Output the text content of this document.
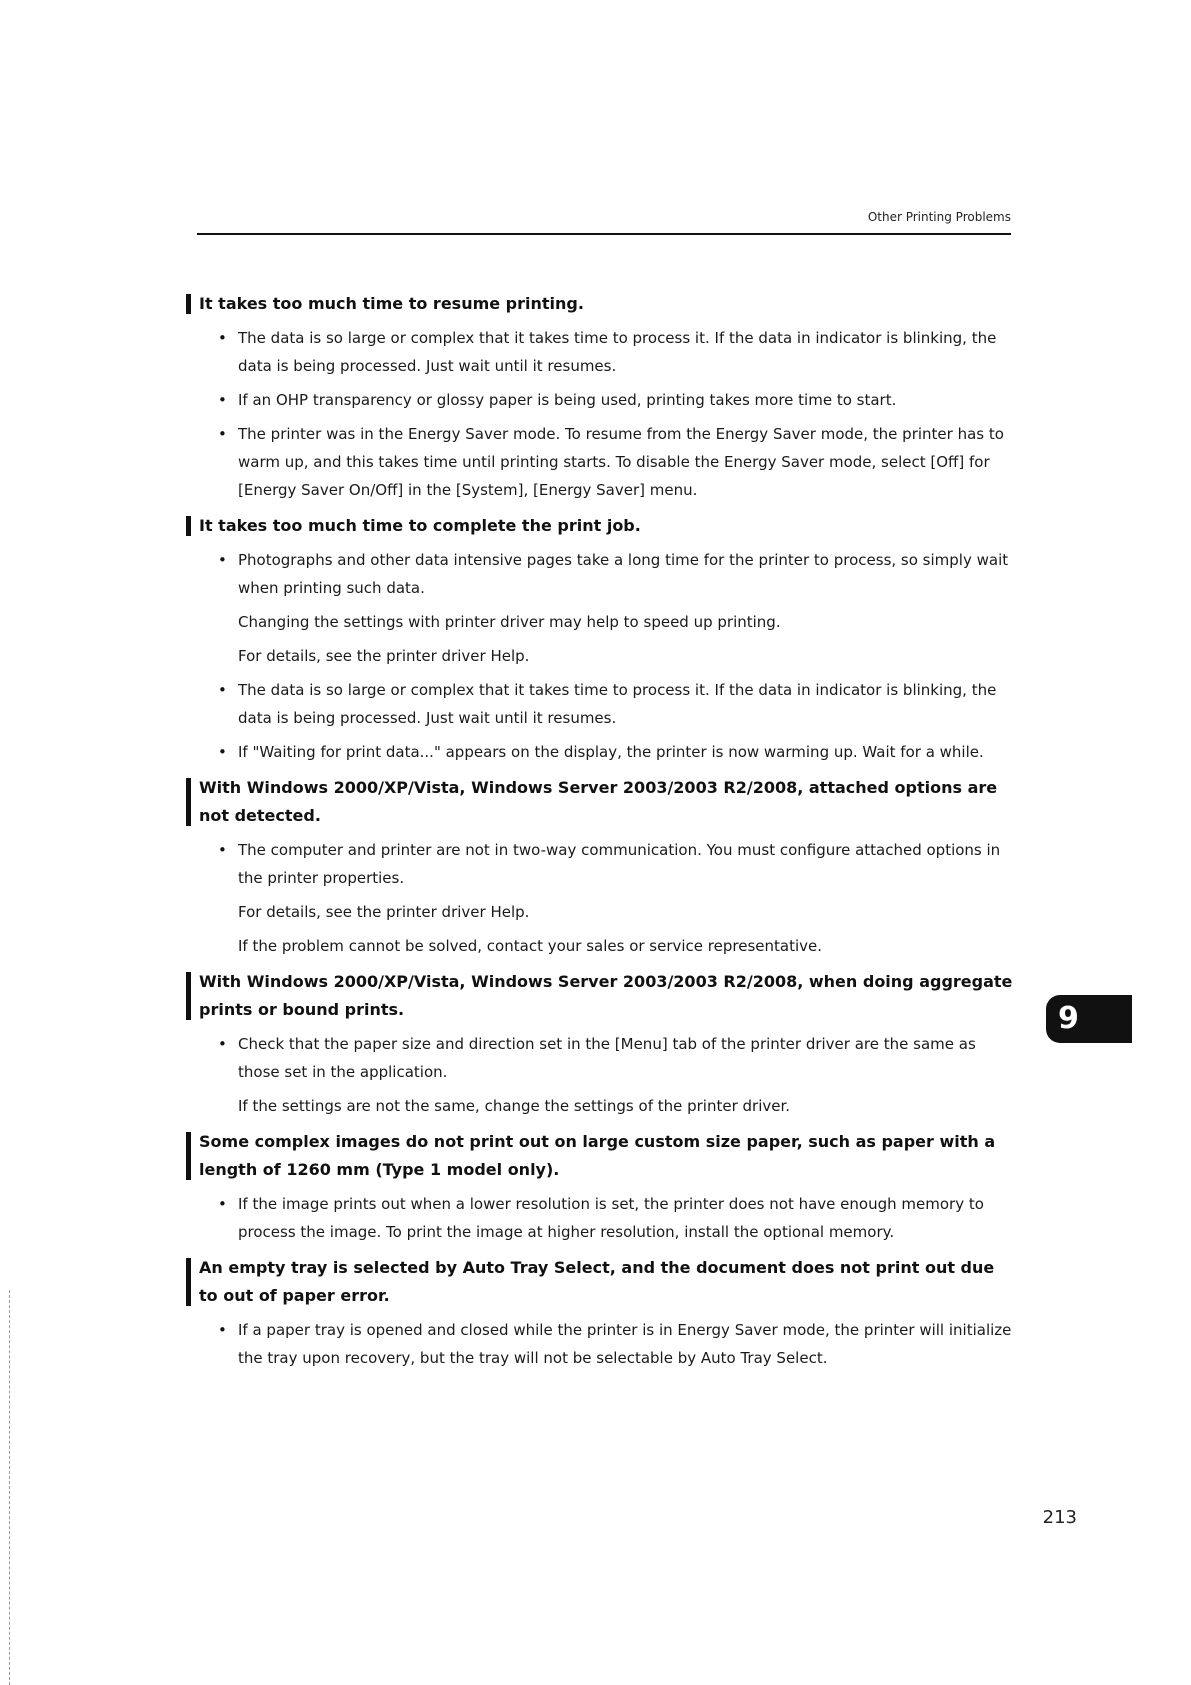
Other Printing Problems
It takes too much time to resume printing.
• The data is so large or complex that it takes time to process it. If the data in indicator is blinking, the data is being processed. Just wait until it resumes.
• If an OHP transparency or glossy paper is being used, printing takes more time to start.
• The printer was in the Energy Saver mode. To resume from the Energy Saver mode, the printer has to warm up, and this takes time until printing starts. To disable the Energy Saver mode, select [Off] for [Energy Saver On/Off] in the [System], [Energy Saver] menu.
It takes too much time to complete the print job.
• Photographs and other data intensive pages take a long time for the printer to process, so simply wait when printing such data.
Changing the settings with printer driver may help to speed up printing.
For details, see the printer driver Help.
• The data is so large or complex that it takes time to process it. If the data in indicator is blinking, the data is being processed. Just wait until it resumes.
• If "Waiting for print data..." appears on the display, the printer is now warming up. Wait for a while.
With Windows 2000/XP/Vista, Windows Server 2003/2003 R2/2008, attached options are not detected.
• The computer and printer are not in two-way communication. You must configure attached options in the printer properties.
For details, see the printer driver Help.
If the problem cannot be solved, contact your sales or service representative.
With Windows 2000/XP/Vista, Windows Server 2003/2003 R2/2008, when doing aggregate prints or bound prints.
• Check that the paper size and direction set in the [Menu] tab of the printer driver are the same as those set in the application.
If the settings are not the same, change the settings of the printer driver.
Some complex images do not print out on large custom size paper, such as paper with a length of 1260 mm (Type 1 model only).
• If the image prints out when a lower resolution is set, the printer does not have enough memory to process the image. To print the image at higher resolution, install the optional memory.
An empty tray is selected by Auto Tray Select, and the document does not print out due to out of paper error.
• If a paper tray is opened and closed while the printer is in Energy Saver mode, the printer will initialize the tray upon recovery, but the tray will not be selectable by Auto Tray Select.
9
213
